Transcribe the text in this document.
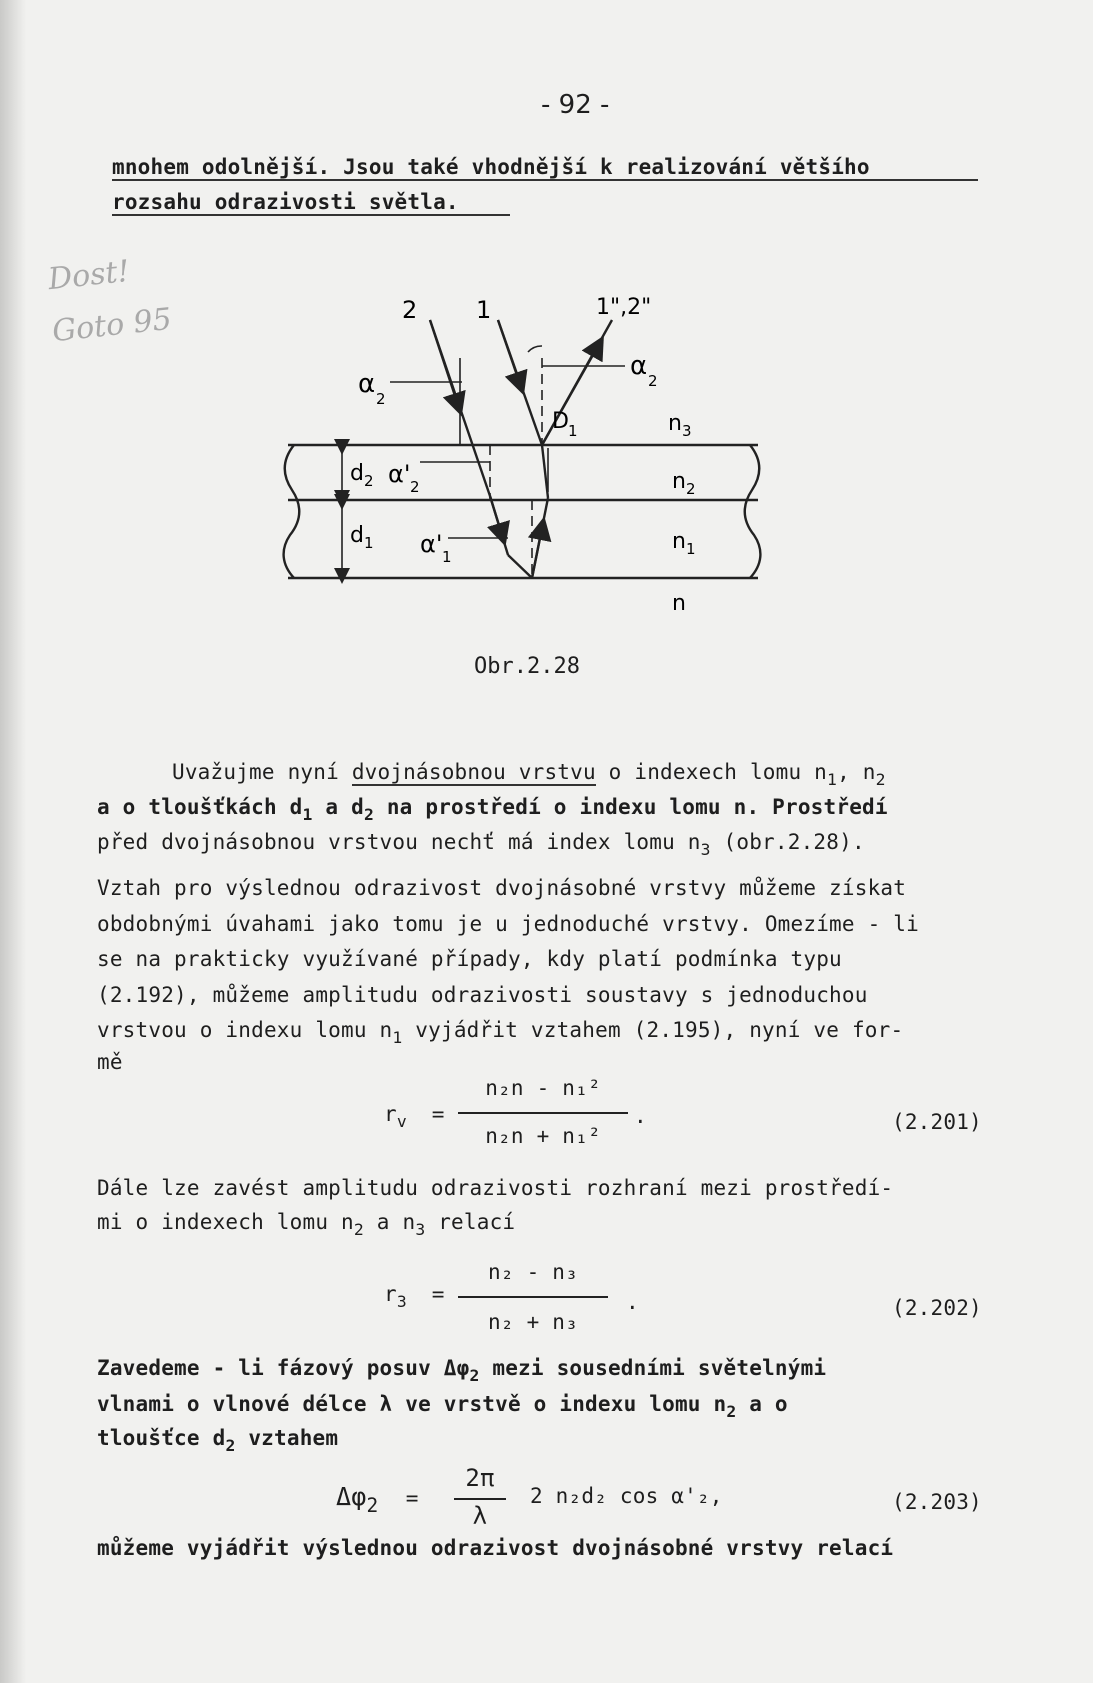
- 92 -
Dost!
Goto 95
mnohem odolnější. Jsou také vhodnější k realizování většího
rozsahu odrazivosti světla.
2 1	1",2"
α 2
α 2
D 1	n 3
n 2
n 1
n
d 2
d 1
α' 2
α' 1
Obr.2.28
Uvažujme nyní dvojnásobnou vrstvu o indexech lomu $n_1$, $n_2$
a o tloušťkách $d_1$ a $d_2$ na prostředí o indexu lomu n. Prostředí
před dvojnásobnou vrstvou nechť má index lomu $n_3$ (obr.2.28).
Vztah pro výslednou odrazivost dvojnásobné vrstvy můžeme získat
obdobnými úvahami jako tomu je u jednoduché vrstvy. Omezíme - li
se na prakticky využívané případy, kdy platí podmínka typu
(2.192), můžeme amplitudu odrazivosti soustavy s jednoduchou
vrstvou o indexu lomu $n_1$ vyjádřit vztahem (2.195), nyní ve for-
mě
$r_v$ =
n₂n - n₁²
n₂n + n₁²
.	(2.201)
Dále lze zavést amplitudu odrazivosti rozhraní mezi prostředí-
mi o indexech lomu $n_2$ a $n_3$ relací
$r_3$ =
n₂ - n₃
n₂ + n₃
.	(2.202)
Zavedeme - li fázový posuv $\Delta\varphi_2$ mezi sousedními světelnými
vlnami o vlnové délce λ ve vrstvě o indexu lomu $n_2$ a o
tloušťce $d_2$ vztahem
$\Delta\varphi_2$ =
2π
λ
2 n₂d₂ cos α'₂,	(2.203)
můžeme vyjádřit výslednou odrazivost dvojnásobné vrstvy relací
